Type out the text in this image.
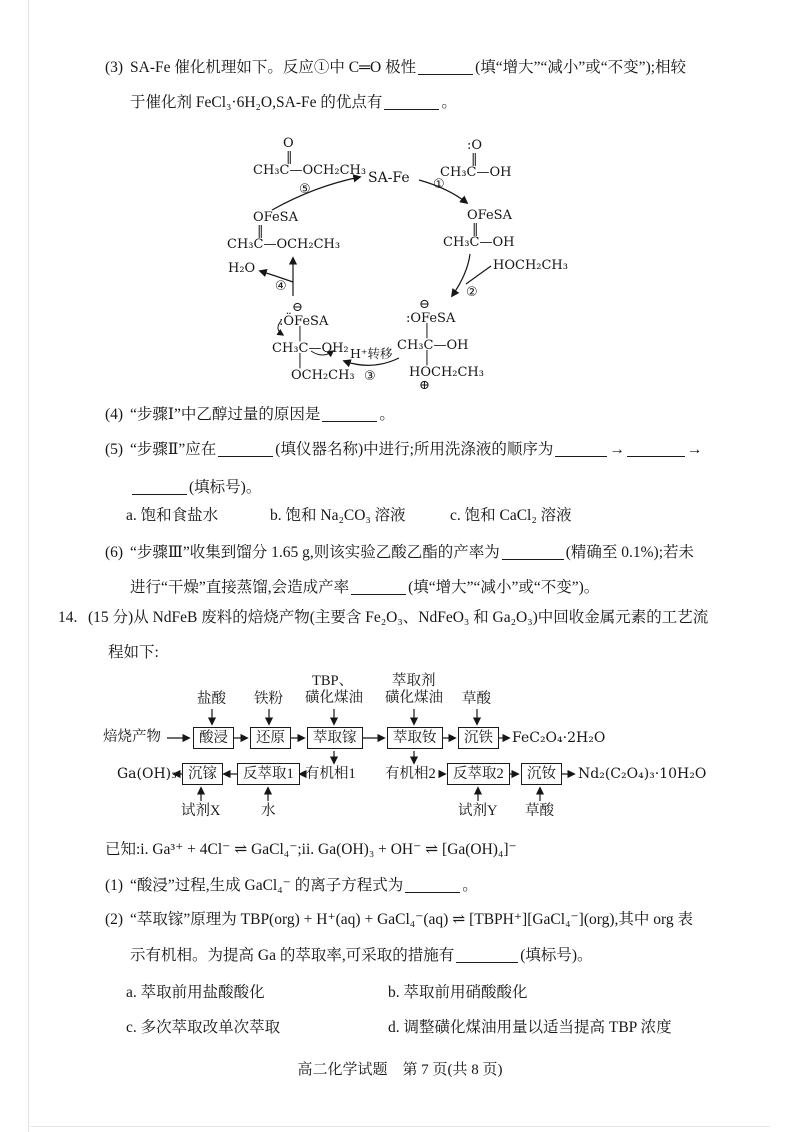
(3) SA-Fe 催化机理如下。反应①中 C═O 极性	(填“增大”“减小”或“不变”);相较
于催化剂 FeCl₃·6H₂O,SA-Fe 的优点有	。
SA-Fe
O
‖
CH₃C—OCH₂CH₃
:O
‖
CH₃C—OH
OFeSA
‖
CH₃C—OH
OFeSA
‖
CH₃C—OCH₂CH₃
⊖
:OFeSA
│
CH₃C—OH
│
HOCH₂CH₃
⊕
⊖
:ÖFeSA
│
CH₃C—OH₂
│
OCH₂CH₃
H₂O	HOCH₂CH₃
H⁺转移
①
②
③
④
⑤
(4) “步骤Ⅰ”中乙醇过量的原因是	。
(5) “步骤Ⅱ”应在	(填仪器名称)中进行;所用洗涤液的顺序为	→	→
(填标号)。
a. 饱和食盐水	b. 饱和 Na₂CO₃ 溶液	c. 饱和 CaCl₂ 溶液
(6) “步骤Ⅲ”收集到馏分 1.65 g,则该实验乙酸乙酯的产率为	(精确至 0.1%);若未
进行“干燥”直接蒸馏,会造成产率	(填“增大”“减小”或“不变”)。
14. (15 分)从 NdFeB 废料的焙烧产物(主要含 Fe₂O₃、NdFeO₃ 和 Ga₂O₃)中回收金属元素的工艺流
程如下:
盐酸 铁粉
TBP、
磺化煤油
萃取剂
磺化煤油 草酸
焙烧产物	酸浸	还原	萃取镓	萃取钕	沉铁	FeC₂O₄·2H₂O
Ga(OH)₃ 沉镓	反萃取1 有机相1 有机相2	反萃取2	沉钕	Nd₂(C₂O₄)₃·10H₂O
试剂X	水	试剂Y 草酸
已知:i. Ga³⁺ + 4Cl⁻ ⇌ GaCl₄⁻;ii. Ga(OH)₃ + OH⁻ ⇌ [Ga(OH)₄]⁻
(1) “酸浸”过程,生成 GaCl₄⁻ 的离子方程式为	。
(2) “萃取镓”原理为 TBP(org) + H⁺(aq) + GaCl₄⁻(aq) ⇌ [TBPH⁺][GaCl₄⁻](org),其中 org 表
示有机相。为提高 Ga 的萃取率,可采取的措施有	(填标号)。
a. 萃取前用盐酸酸化	b. 萃取前用硝酸酸化
c. 多次萃取改单次萃取	d. 调整磺化煤油用量以适当提高 TBP 浓度
高二化学试题　第 7 页(共 8 页)
